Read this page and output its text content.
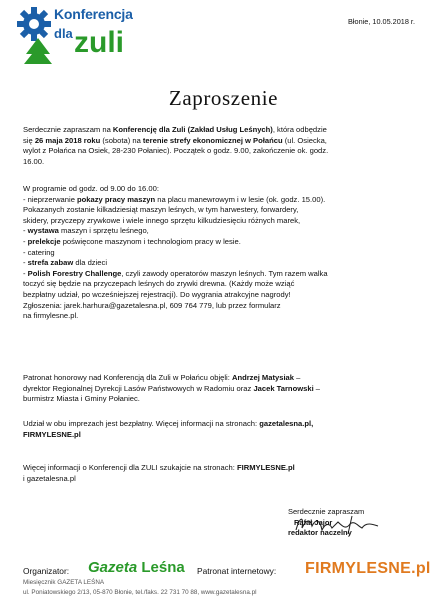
Konferencja
dla zuli
Błonie, 10.05.2018 r.
Zaproszenie
Serdecznie zapraszam na Konferencję dla Zuli (Zakład Usług Leśnych), która odbędzie
się 26 maja 2018 roku (sobota) na terenie strefy ekonomicznej w Połańcu (ul. Osiecka,
wylot z Połańca na Osiek, 28-230 Połaniec). Początek o godz. 9.00, zakończenie ok. godz.
16.00.
W programie od godz. od 9.00 do 16.00:
- nieprzerwanie pokazy pracy maszyn na placu manewrowym i w lesie (ok. godz. 15.00).
Pokazanych zostanie kilkadziesiąt maszyn leśnych, w tym harwestery, forwardery,
skidery, przyczepy zrywkowe i wiele innego sprzętu kilkudziesięciu różnych marek,
- wystawa maszyn i sprzętu leśnego,
- prelekcje poświęcone maszynom i technologiom pracy w lesie.
- catering
- strefa zabaw dla dzieci
- Polish Forestry Challenge, czyli zawody operatorów maszyn leśnych. Tym razem walka
toczyć się będzie na przyczepach leśnych do zrywki drewna. (Każdy może wziąć
bezpłatny udział, po wcześniejszej rejestracji). Do wygrania atrakcyjne nagrody!
Zgłoszenia: jarek.harhura@gazetalesna.pl, 609 764 779, lub przez formularz
na firmylesne.pl.
Patronat honorowy nad Konferencją dla Zuli w Połańcu objęli: Andrzej Matysiak –
dyrektor Regionalnej Dyrekcji Lasów Państwowych w Radomiu oraz Jacek Tarnowski –
burmistrz Miasta i Gminy Połaniec.
Udział w obu imprezach jest bezpłatny. Więcej informacji na stronach: gazetalesna.pl,
FIRMYLESNE.pl
Więcej informacji o Konferencji dla ZULI szukajcie na stronach: FIRMYLESNE.pl
i gazetalesna.pl
Serdecznie zapraszam
Rafał Jajor
redaktor naczelny
Organizator: Gazeta Leśna Patronat internetowy: FIRMYLESNE.pl
Miesięcznik GAZETA LEŚNA
ul. Poniatowskiego 2/13, 05-870 Błonie, tel./faks. 22 731 70 88, www.gazetalesna.pl
